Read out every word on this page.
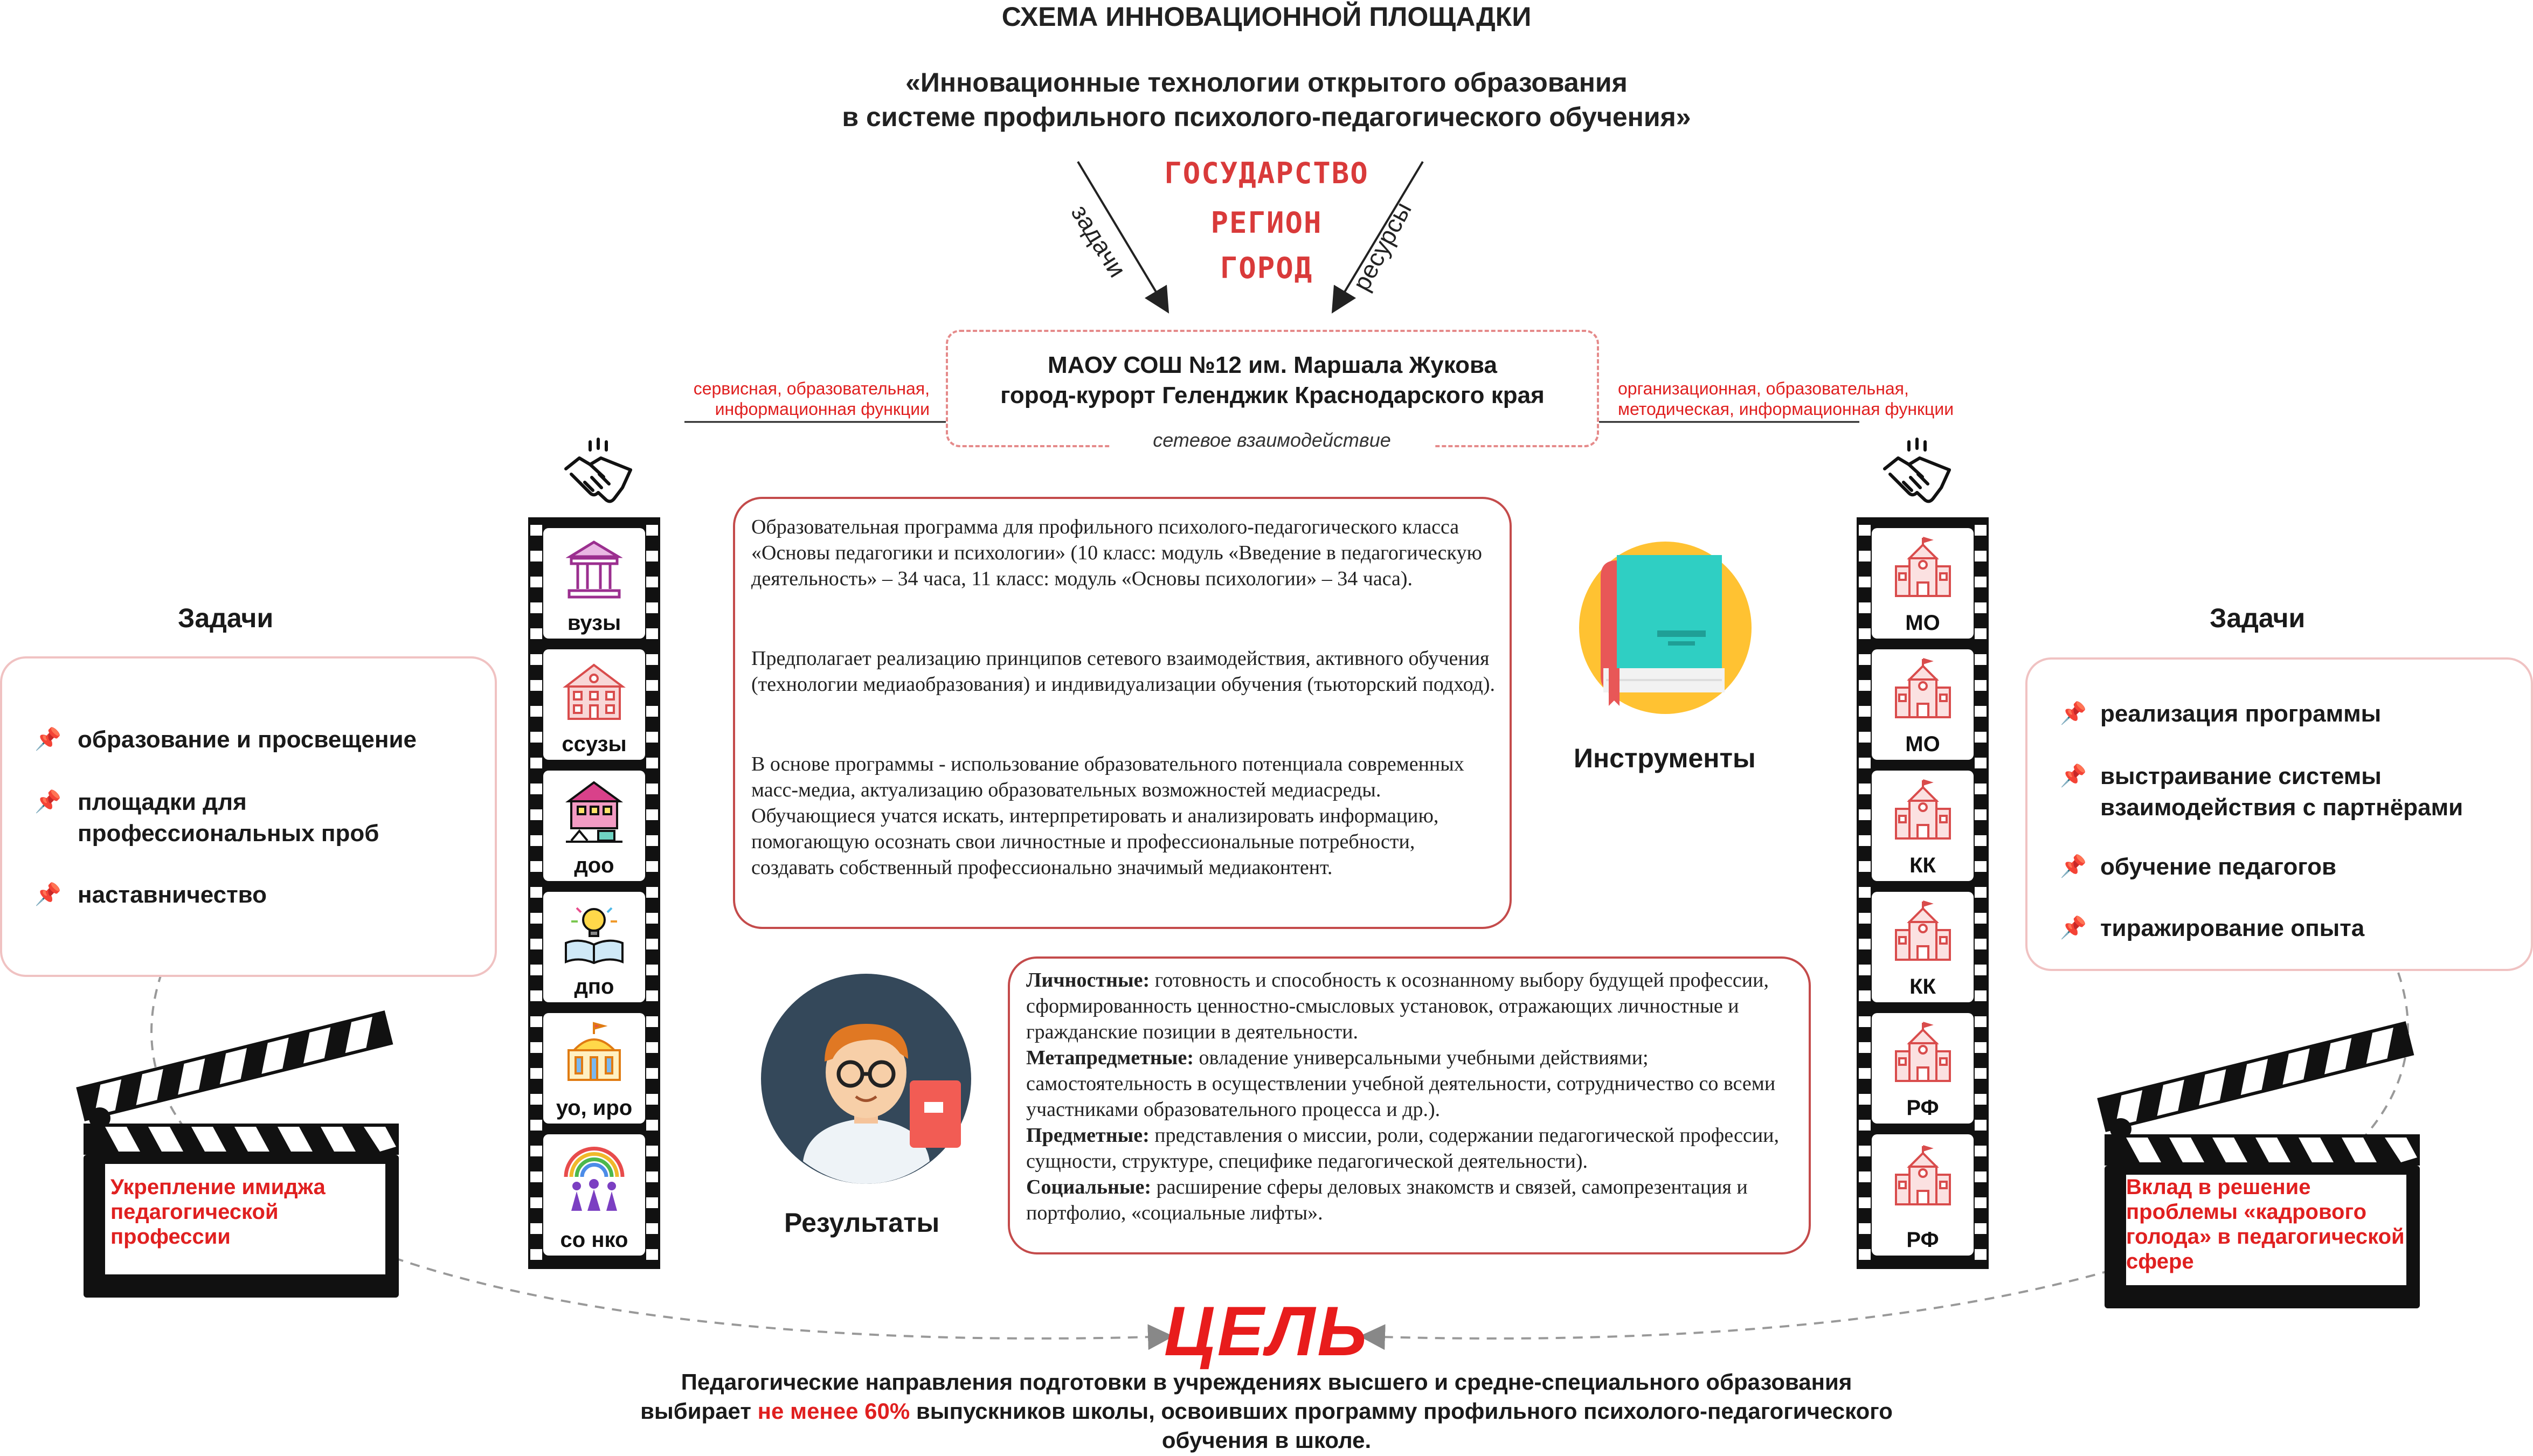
СХЕМА ИННОВАЦИОННОЙ ПЛОЩАДКИ
«Инновационные технологии открытого образования
в системе профильного психолого-педагогического обучения»
ГОСУДАРСТВО
РЕГИОН
ГОРОД
задачи	ресурсы
МАОУ СОШ №12 им. Маршала Жукова
город-курорт Геленджик Краснодарского края
сетевое взаимодействие
сервисная, образовательная,
информационная функции
организационная, образовательная,
методическая, информационная функции
вузы
ссузы
доо
дпо
уо, иро
со нко
МО
МО
КК
КК
РФ
РФ
Задачи
📌 образование и просвещение
📌 площадки для профессиональных проб
📌 наставничество
Задачи
📌 реализация программы
📌 выстраивание системы взаимодействия с партнёрами
📌 обучение педагогов
📌 тиражирование опыта
Образовательная программа для профильного психолого-педагогического класса «Основы педагогики и психологии» (10 класс: модуль «Введение в педагогическую деятельность» – 34 часа, 11 класс: модуль «Основы психологии» – 34 часа).
Предполагает реализацию принципов сетевого взаимодействия, активного обучения (технологии медиаобразования) и индивидуализации обучения (тьюторский подход).
В основе программы - использование образовательного потенциала современных масс-медиа, актуализацию образовательных возможностей медиасреды. Обучающиеся учатся искать, интерпретировать и анализировать информацию, помогающую осознать свои личностные и профессиональные потребности, создавать собственный профессионально значимый медиаконтент.
Инструменты
Результаты
Личностные: готовность и способность к осознанному выбору будущей профессии, сформированность ценностно-смысловых установок, отражающих личностные и гражданские позиции в деятельности.
Метапредметные: овладение универсальными учебными действиями; самостоятельность в осуществлении учебной деятельности, сотрудничество со всеми участниками образовательного процесса и др.).
Предметные: представления о миссии, роли, содержании педагогической профессии, сущности, структуре, специфике педагогической деятельности).
Социальные: расширение сферы деловых знакомств и связей, самопрезентация и портфолио, «социальные лифты».
Укрепление имиджа педагогической профессии
Вклад в решение проблемы «кадрового голода» в педагогической сфере
ЦЕЛЬ
Педагогические направления подготовки в учреждениях высшего и средне-специального образования
выбирает не менее 60% выпускников школы, освоивших программу профильного психолого-педагогического
обучения в школе.
